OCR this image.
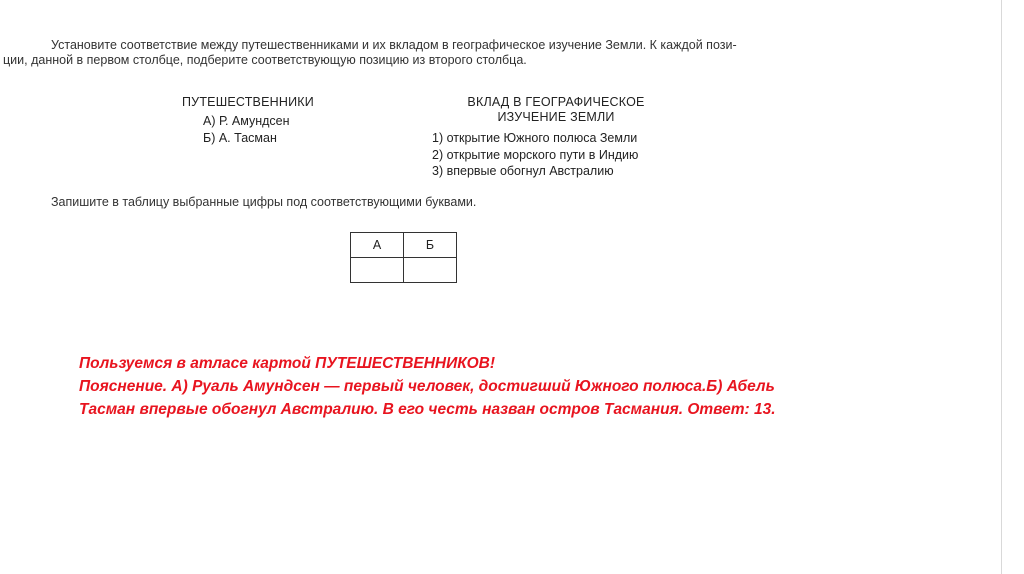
Установите соответствие между путешественниками и их вкладом в географическое изучение Земли. К каждой пози-
ции, данной в первом столбце, подберите соответствующую позицию из второго столбца.
ПУТЕШЕСТВЕННИКИ
А) Р. Амундсен
Б) А. Тасман
ВКЛАД В ГЕОГРАФИЧЕСКОЕ
ИЗУЧЕНИЕ ЗЕМЛИ
1) открытие Южного полюса Земли
2) открытие морского пути в Индию
3) впервые обогнул Австралию
Запишите в таблицу выбранные цифры под соответствующими буквами.
А	Б

Пользуемся в атласе картой ПУТЕШЕСТВЕННИКОВ!
Пояснение. А) Руаль Амундсен — первый человек, достигший Южного полюса.Б) Абель
Тасман впервые обогнул Австралию. В его честь назван остров Тасмания. Ответ: 13.
